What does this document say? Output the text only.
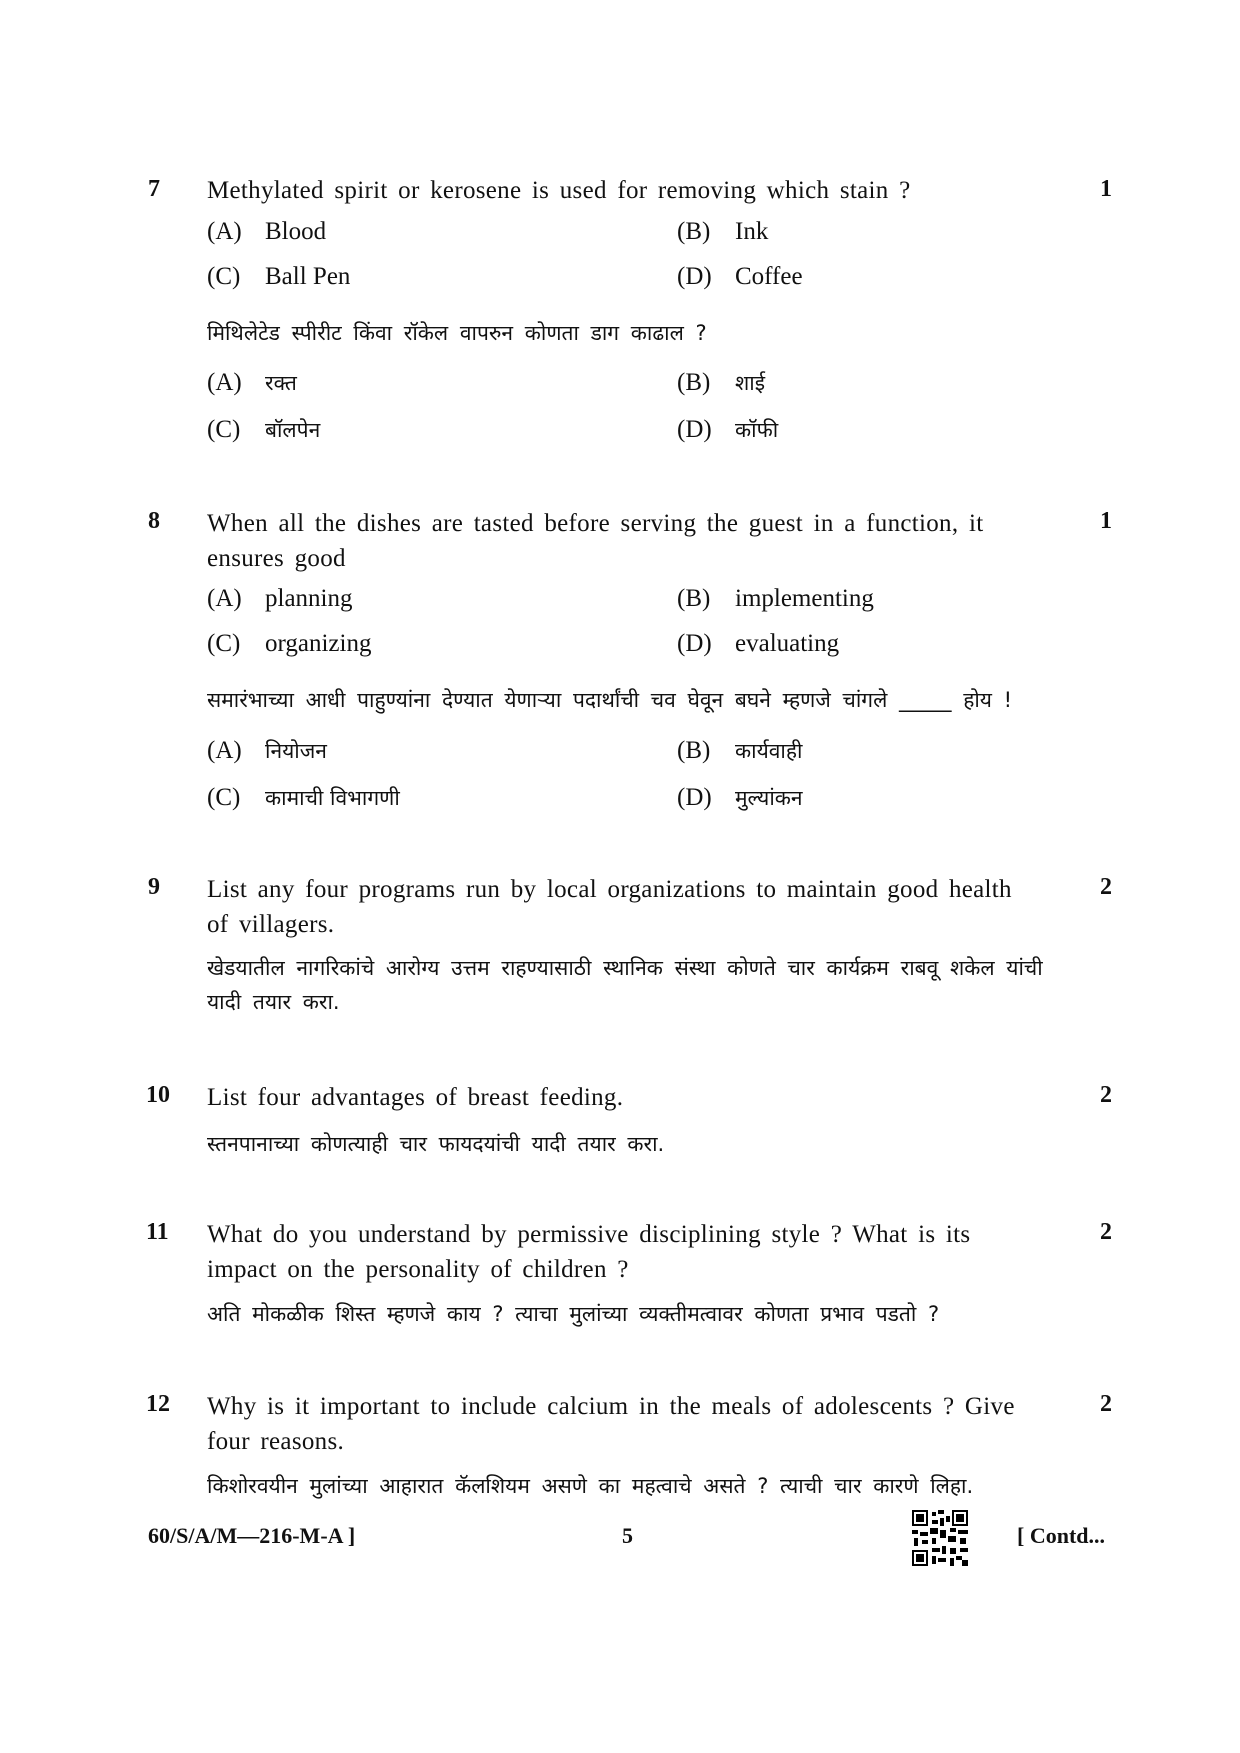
7 Methylated spirit or kerosene is used for removing which stain ?	1
(A) Blood	(B) Ink
(C) Ball Pen	(D) Coffee
मिथिलेटेड स्पीरीट किंवा रॉकेल वापरुन कोणता डाग काढाल ?
(A) रक्त	(B) शाई
(C) बॉलपेन	(D) कॉफी
8 When all the dishes are tasted before serving the guest in a function, it ensures good
1
(A) planning	(B) implementing
(C) organizing	(D) evaluating
समारंभाच्या आधी पाहुण्यांना देण्यात येणाऱ्या पदार्थांची चव घेवून बघने म्हणजे चांगले _____ होय !
(A) नियोजन	(B) कार्यवाही
(C) कामाची विभागणी	(D) मुल्यांकन
9 List any four programs run by local organizations to maintain good health of villagers.
2
खेडयातील नागरिकांचे आरोग्य उत्तम राहण्यासाठी स्थानिक संस्था कोणते चार कार्यक्रम राबवू शकेल यांची यादी तयार करा.
10 List four advantages of breast feeding.	2
स्तनपानाच्या कोणत्याही चार फायदयांची यादी तयार करा.
11 What do you understand by permissive disciplining style ? What is its impact on the personality of children ?
2
अति मोकळीक शिस्त म्हणजे काय ? त्याचा मुलांच्या व्यक्तीमत्वावर कोणता प्रभाव पडतो ?
12 Why is it important to include calcium in the meals of adolescents ? Give four reasons.
2
किशोरवयीन मुलांच्या आहारात कॅलशियम असणे का महत्वाचे असते ? त्याची चार कारणे लिहा.
60/S/A/M—216-M-A ]	5	[ Contd...
